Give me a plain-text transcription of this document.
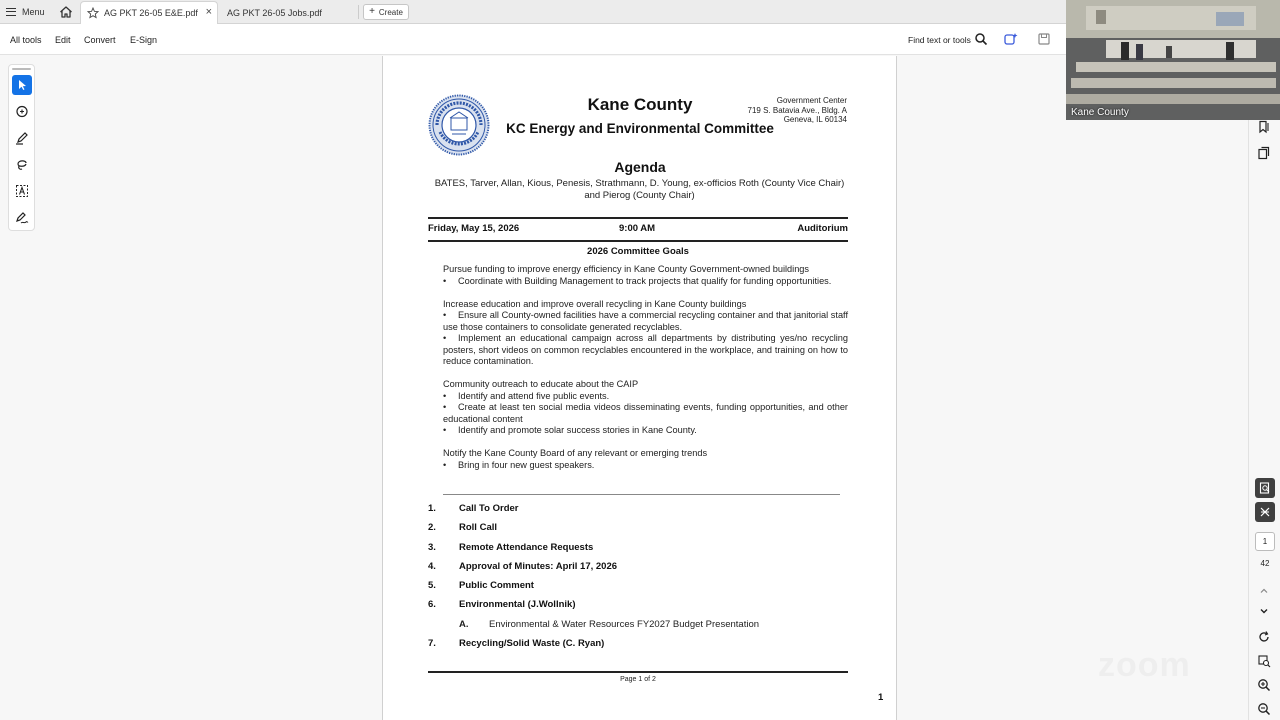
Menu	AG PKT 26-05 E&E.pdf × AG PKT 26-05 Jobs.pdf	+ Create
All tools Edit Convert E-Sign	Find text or tools
Kane County
KC Energy and Environmental Committee
Agenda
Government Center
719 S. Batavia Ave., Bldg. A
Geneva, IL 60134
BATES, Tarver, Allan, Kious, Penesis, Strathmann, D. Young, ex-officios Roth (County Vice Chair) and Pierog (County Chair)
Friday, May 15, 2026	9:00 AM	Auditorium
2026 Committee Goals
Pursue funding to improve energy efficiency in Kane County Government-owned buildings
• Coordinate with Building Management to track projects that qualify for funding opportunities.
Increase education and improve overall recycling in Kane County buildings
• Ensure all County-owned facilities have a commercial recycling container and that janitorial staff use those containers to consolidate generated recyclables.
• Implement an educational campaign across all departments by distributing yes/no recycling posters, short videos on common recyclables encountered in the workplace, and training on how to reduce contamination.
Community outreach to educate about the CAIP
• Identify and attend five public events.
• Create at least ten social media videos disseminating events, funding opportunities, and other educational content
• Identify and promote solar success stories in Kane County.
Notify the Kane County Board of any relevant or emerging trends
• Bring in four new guest speakers.
1. Call To Order
2. Roll Call
3. Remote Attendance Requests
4. Approval of Minutes: April 17, 2026
5. Public Comment
6. Environmental (J.Wollnik)
A. Environmental & Water Resources FY2027 Budget Presentation
7. Recycling/Solid Waste (C. Ryan)
Page 1 of 2
1
1
42
Kane County
zoom
